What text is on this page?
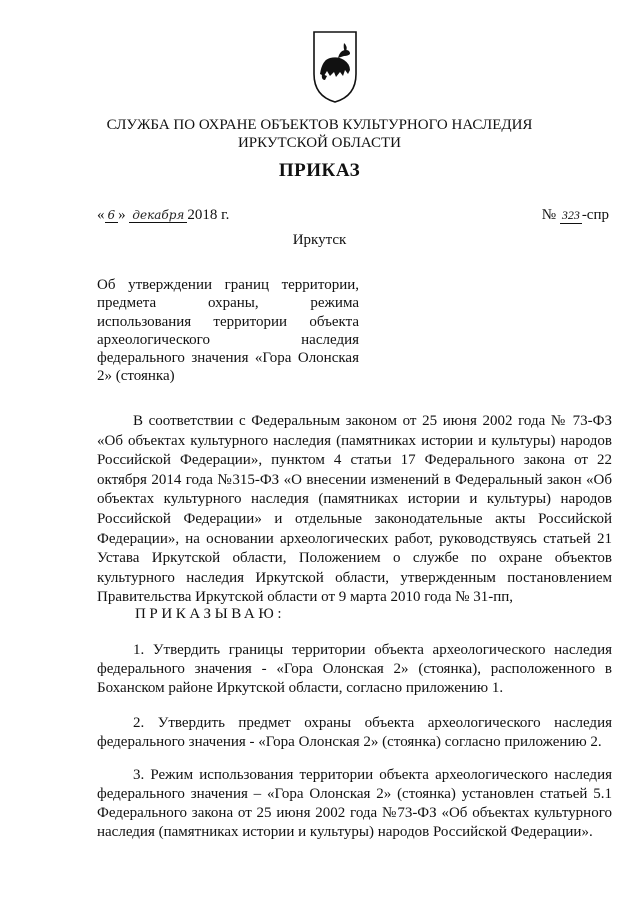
СЛУЖБА ПО ОХРАНЕ ОБЪЕКТОВ КУЛЬТУРНОГО НАСЛЕДИЯ
ИРКУТСКОЙ ОБЛАСТИ
ПРИКАЗ
« 6 » декабря 2018 г.	№ 323 -спр
Иркутск
Об утверждении границ территории, предмета охраны, режима использования территории объекта археологического наследия федерального значения «Гора Олонская 2» (стоянка)
В соответствии с Федеральным законом от 25 июня 2002 года № 73-ФЗ «Об объектах культурного наследия (памятниках истории и культуры) народов Российской Федерации», пунктом 4 статьи 17 Федерального закона от 22 октября 2014 года №315-ФЗ «О внесении изменений в Федеральный закон «Об объектах культурного наследия (памятниках истории и культуры) народов Российской Федерации» и отдельные законодательные акты Российской Федерации», на основании археологических работ, руководствуясь статьей 21 Устава Иркутской области, Положением о службе по охране объектов культурного наследия Иркутской области, утвержденным постановлением Правительства Иркутской области от 9 марта 2010 года № 31-пп,
ПРИКАЗЫВАЮ:
1. Утвердить границы территории объекта археологического наследия федерального значения - «Гора Олонская 2» (стоянка), расположенного в Боханском районе Иркутской области, согласно приложению 1.
2. Утвердить предмет охраны объекта археологического наследия федерального значения - «Гора Олонская 2» (стоянка) согласно приложению 2.
3. Режим использования территории объекта археологического наследия федерального значения – «Гора Олонская 2» (стоянка) установлен статьей 5.1 Федерального закона от 25 июня 2002 года №73-ФЗ «Об объектах культурного наследия (памятниках истории и культуры) народов Российской Федерации».
